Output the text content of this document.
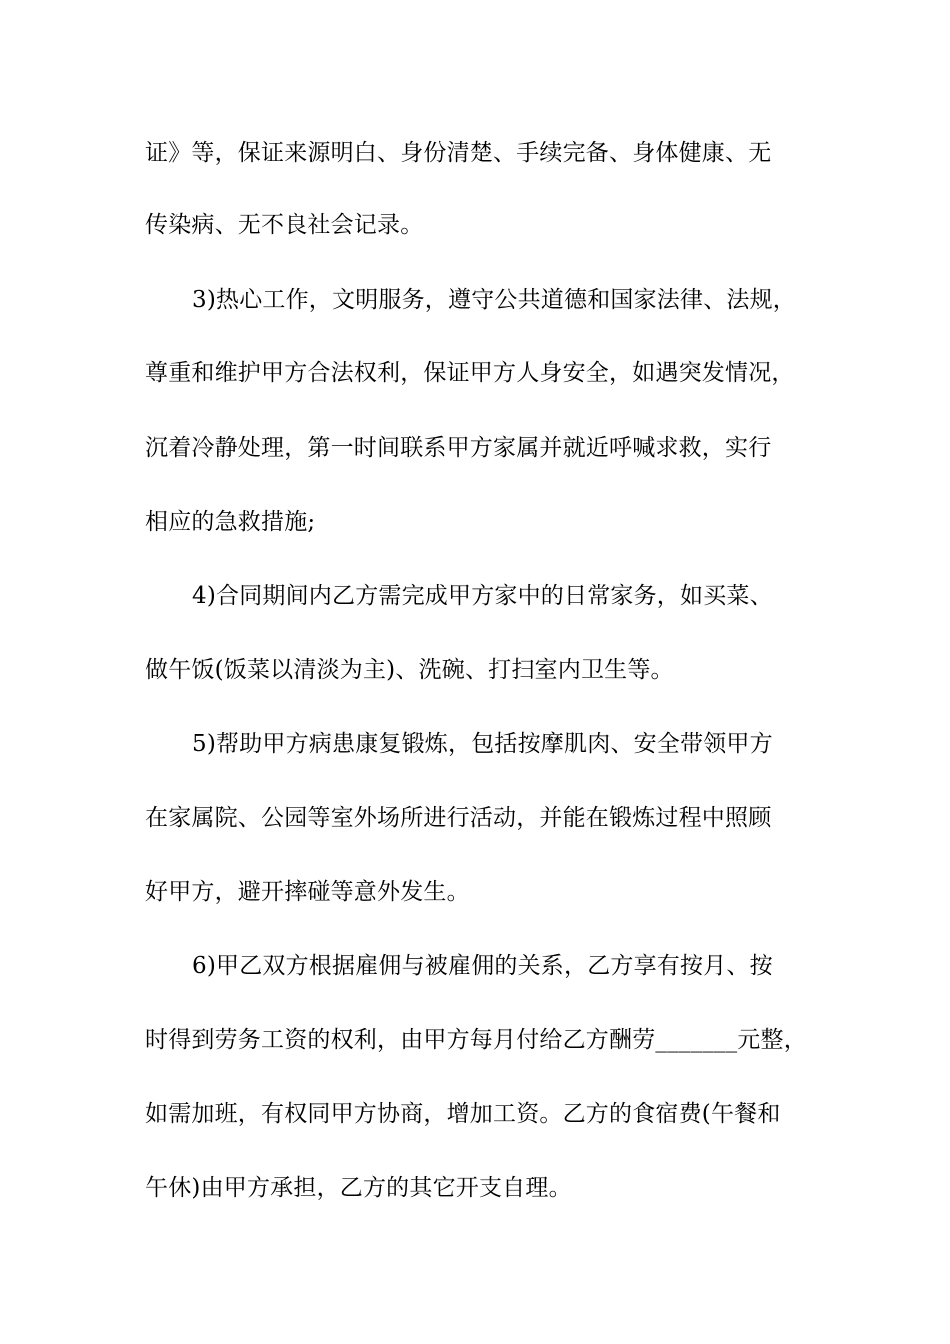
证》等，保证来源明白、身份清楚、手续完备、身体健康、无
传染病、无不良社会记录。
3)热心工作，文明服务，遵守公共道德和国家法律、法规，
尊重和维护甲方合法权利，保证甲方人身安全，如遇突发情况，
沉着冷静处理，第一时间联系甲方家属并就近呼喊求救，实行
相应的急救措施;
4)合同期间内乙方需完成甲方家中的日常家务，如买菜、
做午饭(饭菜以清淡为主)、洗碗、打扫室内卫生等。
5)帮助甲方病患康复锻炼，包括按摩肌肉、安全带领甲方
在家属院、公园等室外场所进行活动，并能在锻炼过程中照顾
好甲方，避开摔碰等意外发生。
6)甲乙双方根据雇佣与被雇佣的关系，乙方享有按月、按
时得到劳务工资的权利，由甲方每月付给乙方酬劳_______元整，
如需加班，有权同甲方协商，增加工资。乙方的食宿费(午餐和
午休)由甲方承担，乙方的其它开支自理。
